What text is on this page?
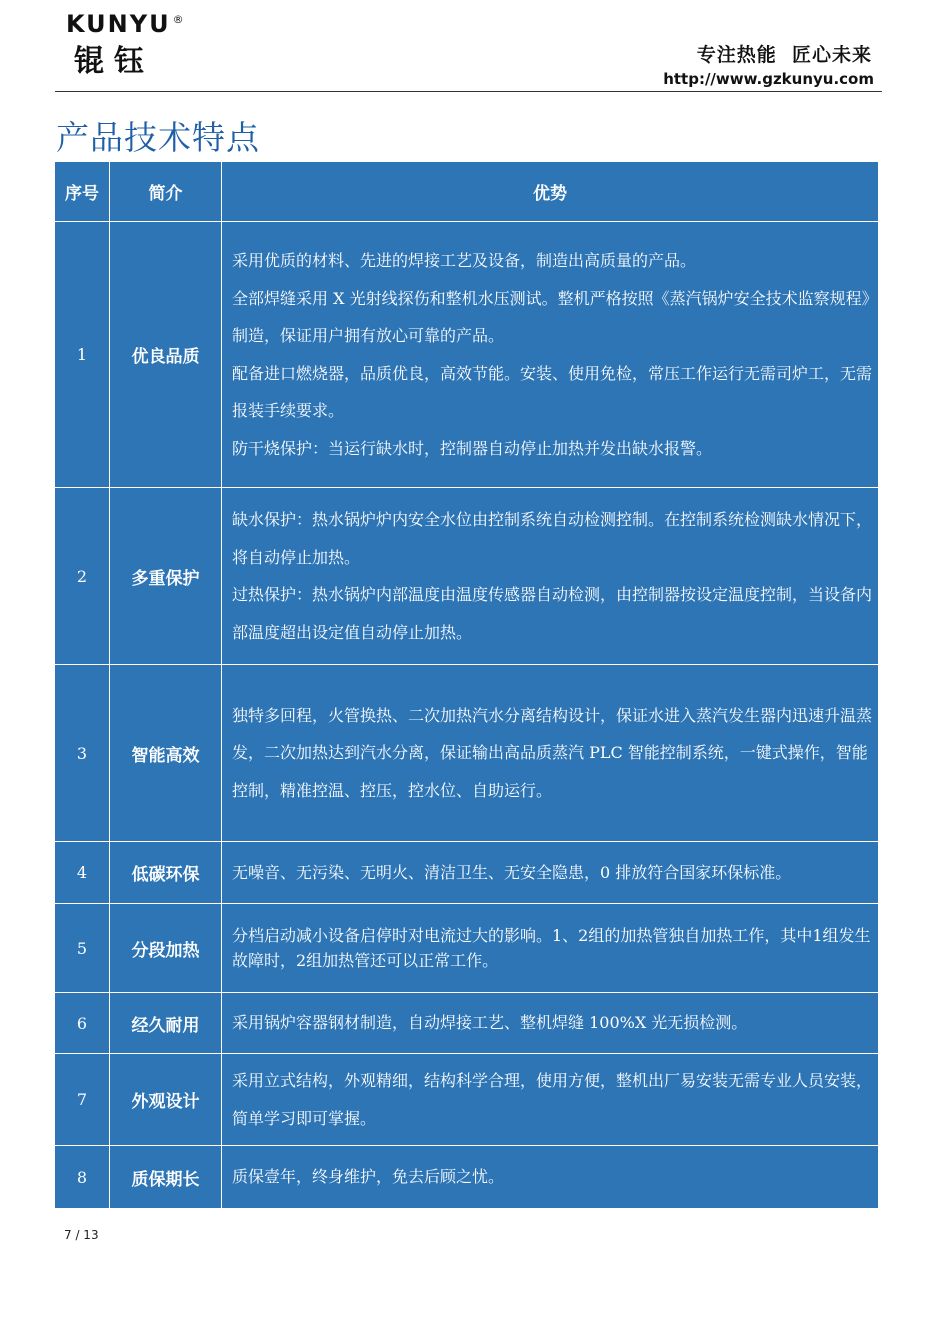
KUNYU ®
锟钰	专注热能  匠心未来
http://www.gzkunyu.com
产品技术特点
序号	简介	优势
1	优良品质	采用优质的材料、先进的焊接工艺及设备，制造出高质量的产品。

全部焊缝采用 X 光射线探伤和整机水压测试。整机严格按照《蒸汽锅炉安全技术监察规程》制造，保证用户拥有放心可靠的产品。

配备进口燃烧器，品质优良，高效节能。安装、使用免检，常压工作运行无需司炉工，无需报装手续要求。

防干烧保护：当运行缺水时，控制器自动停止加热并发出缺水报警。

2	多重保护	缺水保护：热水锅炉炉内安全水位由控制系统自动检测控制。在控制系统检测缺水情况下，将自动停止加热。

过热保护：热水锅炉内部温度由温度传感器自动检测，由控制器按设定温度控制，当设备内部温度超出设定值自动停止加热。

3	智能高效	独特多回程，火管换热、二次加热汽水分离结构设计，保证水进入蒸汽发生器内迅速升温蒸发，二次加热达到汽水分离，保证输出高品质蒸汽 PLC 智能控制系统，一键式操作，智能控制，精准控温、控压，控水位、自助运行。

4	低碳环保	无噪音、无污染、无明火、清洁卫生、无安全隐患，0 排放符合国家环保标准。

5	分段加热	分档启动减小设备启停时对电流过大的影响。1、2组的加热管独自加热工作，其中1组发生故障时，2组加热管还可以正常工作。

6	经久耐用	采用锅炉容器钢材制造，自动焊接工艺、整机焊缝 100%X 光无损检测。

7	外观设计	采用立式结构，外观精细，结构科学合理，使用方便，整机出厂易安装无需专业人员安装，简单学习即可掌握。

8	质保期长	质保壹年，终身维护，免去后顾之忧。

7 / 13
